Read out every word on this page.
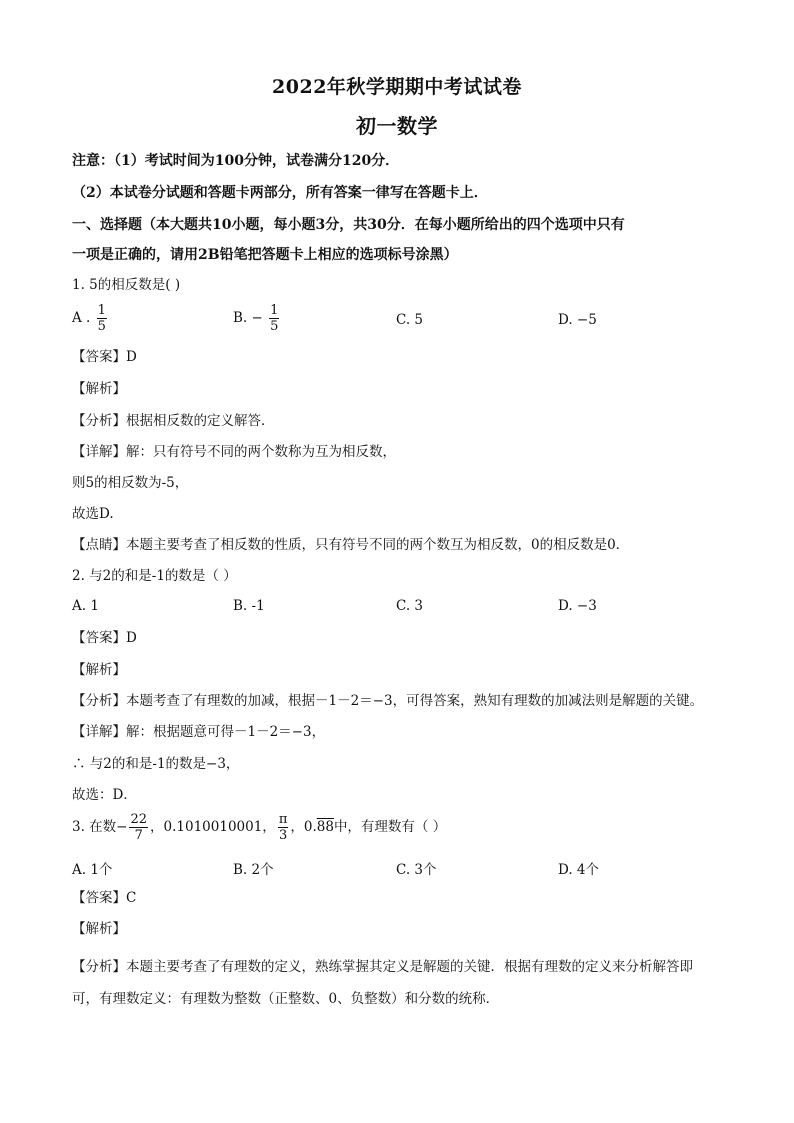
2022年秋学期期中考试试卷
初一数学
注意：（1）考试时间为100分钟，试卷满分120分．
（2）本试卷分试题和答题卡两部分，所有答案一律写在答题卡上．
一、选择题（本大题共10小题，每小题3分，共30分．在每小题所给出的四个选项中只有
一项是正确的，请用2B铅笔把答题卡上相应的选项标号涂黑）
1. 5的相反数是( )
A . $\frac{1}{5}$	B. − $\frac{1}{5}$	C. 5	D. −5
【答案】D
【解析】
【分析】根据相反数的定义解答．
【详解】解：只有符号不同的两个数称为互为相反数，
则5的相反数为-5，
故选D.
【点睛】本题主要考查了相反数的性质，只有符号不同的两个数互为相反数，0的相反数是0．
2. 与2的和是-1的数是（ ）
A. 1	B. -1	C. 3	D. −3
【答案】D
【解析】
【分析】本题考查了有理数的加减，根据－1－2＝−3，可得答案，熟知有理数的加减法则是解题的关键。
【详解】解：根据题意可得－1－2＝−3，
∴ 与2的和是-1的数是−3，
故选：D．
3. 在数− $\frac{22}{7}$ ，0.1010010001， $\frac{\pi}{3}$ ，0.88中，有理数有（ ）
A. 1个	B. 2个	C. 3个	D. 4个
【答案】C
【解析】
【分析】本题主要考查了有理数的定义，熟练掌握其定义是解题的关键．根据有理数的定义来分析解答即
可，有理数定义：有理数为整数（正整数、0、负整数）和分数的统称．
